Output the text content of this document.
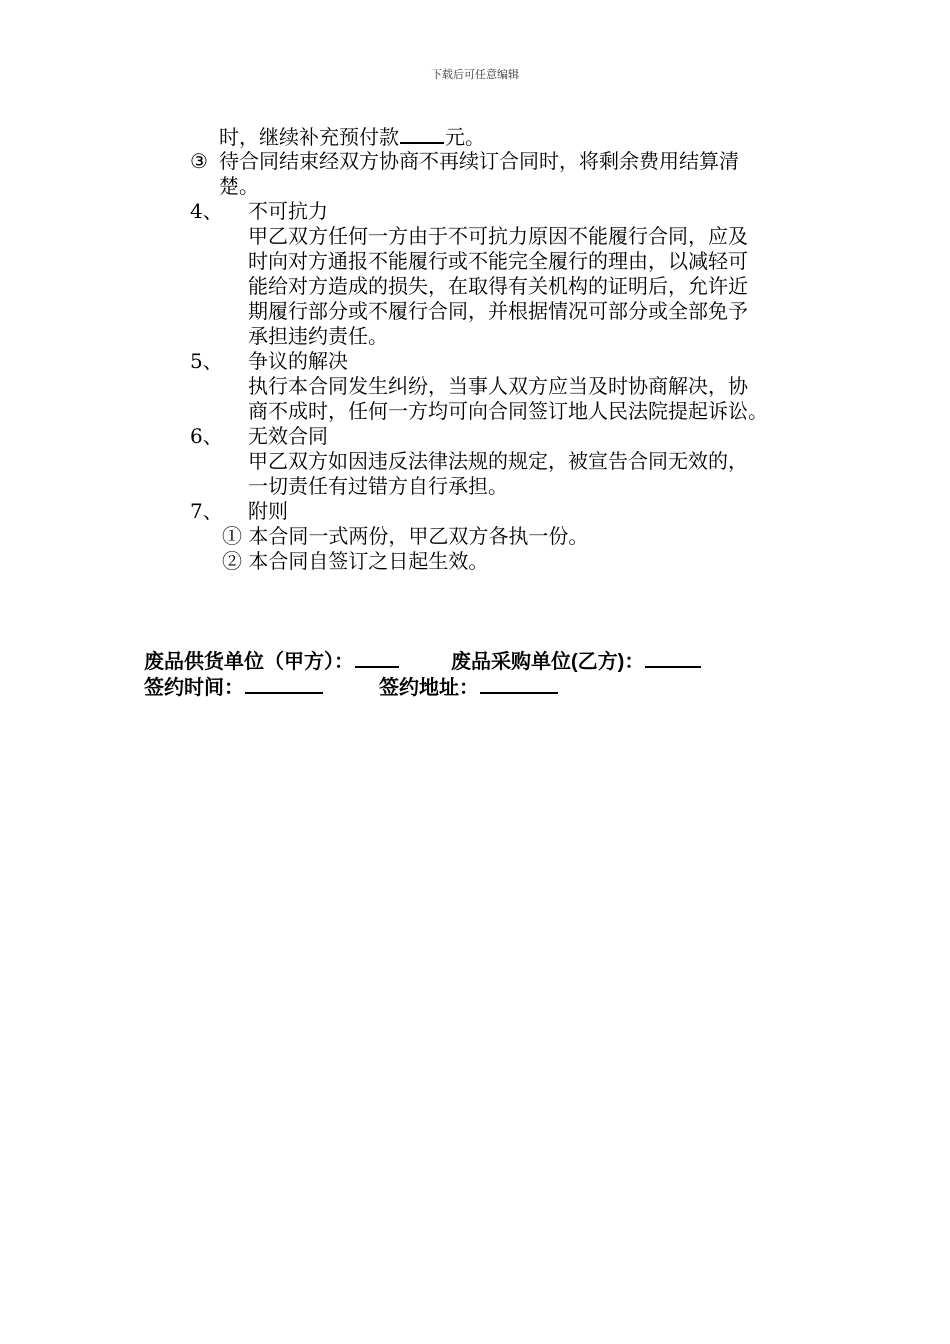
下载后可任意编辑
时，继续补充预付款 元。
③ 待合同结束经双方协商不再续订合同时，将剩余费用结算清
楚。
4、 不可抗力
甲乙双方任何一方由于不可抗力原因不能履行合同，应及
时向对方通报不能履行或不能完全履行的理由，以减轻可
能给对方造成的损失，在取得有关机构的证明后，允许近
期履行部分或不履行合同，并根据情况可部分或全部免予
承担违约责任。
5、 争议的解决
执行本合同发生纠纷，当事人双方应当及时协商解决，协
商不成时，任何一方均可向合同签订地人民法院提起诉讼。
6、 无效合同
甲乙双方如因违反法律法规的规定，被宣告合同无效的，
一切责任有过错方自行承担。
7、 附则
① 本合同一式两份，甲乙双方各执一份。
② 本合同自签订之日起生效。
废品供货单位（甲方）：	废品采购单位(乙方)：
签约时间：	签约地址：
